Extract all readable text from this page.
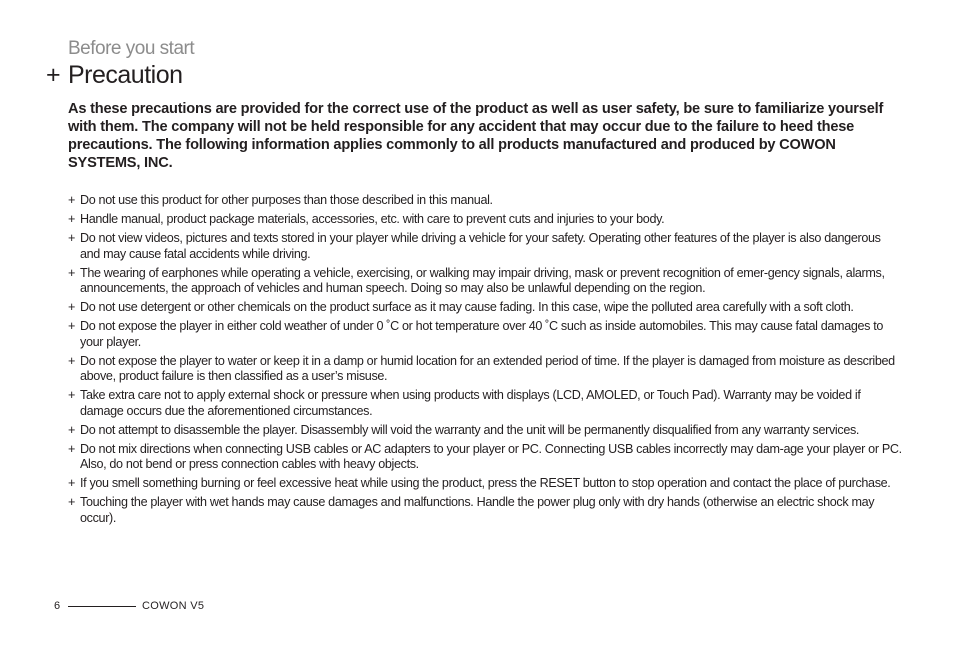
Before you start
+ Precaution

As these precautions are provided for the correct use of the product as well as user safety, be sure to familiarize yourself with them. The company will not be held responsible for any accident that may occur due to the failure to heed these precautions. The following information applies commonly to all products manufactured and produced by COWON SYSTEMS, INC.

+ Do not use this product for other purposes than those described in this manual.
+ Handle manual, product package materials, accessories, etc. with care to prevent cuts and injuries to your body.
+ Do not view videos, pictures and texts stored in your player while driving a vehicle for your safety. Operating other features of the player is also dangerous and may cause fatal accidents while driving.
+ The wearing of earphones while operating a vehicle, exercising, or walking may impair driving, mask or prevent recognition of emer-gency signals, alarms, announcements, the approach of vehicles and human speech. Doing so may also be unlawful depending on the region.
+ Do not use detergent or other chemicals on the product surface as it may cause fading. In this case, wipe the polluted area carefully with a soft cloth.
+ Do not expose the player in either cold weather of under 0 ˚C or hot temperature over 40 ˚C such as inside automobiles. This may cause fatal damages to your player.
+ Do not expose the player to water or keep it in a damp or humid location for an extended period of time. If the player is damaged from moisture as described above, product failure is then classified as a user’s misuse.
+ Take extra care not to apply external shock or pressure when using products with displays (LCD, AMOLED, or Touch Pad). Warranty may be voided if damage occurs due the aforementioned circumstances.
+ Do not attempt to disassemble the player. Disassembly will void the warranty and the unit will be permanently disqualified from any warranty services.
+ Do not mix directions when connecting USB cables or AC adapters to your player or PC. Connecting USB cables incorrectly may dam-age your player or PC. Also, do not bend or press connection cables with heavy objects.
+ If you smell something burning or feel excessive heat while using the product, press the RESET button to stop operation and contact the place of purchase.
+ Touching the player with wet hands may cause damages and malfunctions. Handle the power plug only with dry hands (otherwise an electric shock may occur).
6	COWON V5
